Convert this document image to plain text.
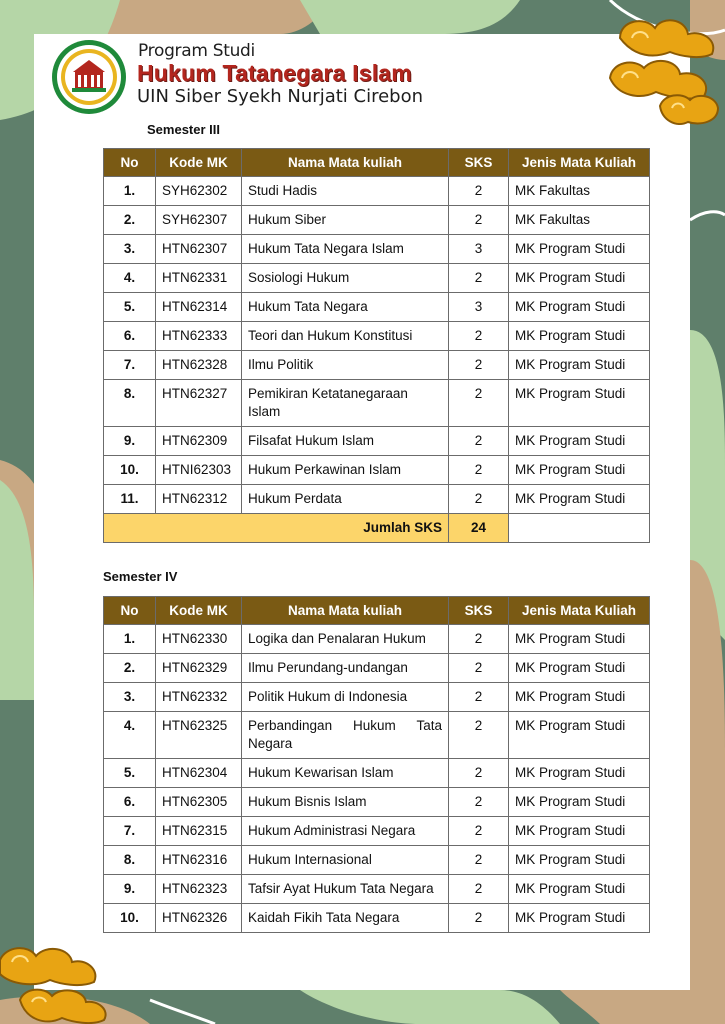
Program Studi
Hukum Tatanegara Islam
UIN Siber Syekh Nurjati Cirebon
Semester III
No	Kode MK	Nama Mata kuliah	SKS	Jenis Mata Kuliah
1.	SYH62302	Studi Hadis	2	MK Fakultas
2.	SYH62307	Hukum Siber	2	MK Fakultas
3.	HTN62307	Hukum Tata Negara Islam	3	MK Program Studi
4.	HTN62331	Sosiologi Hukum	2	MK Program Studi
5.	HTN62314	Hukum Tata Negara	3	MK Program Studi
6.	HTN62333	Teori dan Hukum Konstitusi	2	MK Program Studi
7.	HTN62328	Ilmu Politik	2	MK Program Studi
8.	HTN62327	Pemikiran Ketatanegaraan Islam	2	MK Program Studi
9.	HTN62309	Filsafat Hukum Islam	2	MK Program Studi
10.	HTNI62303	Hukum Perkawinan Islam	2	MK Program Studi
11.	HTN62312	Hukum Perdata	2	MK Program Studi
Jumlah SKS			24	
Semester IV
No	Kode MK	Nama Mata kuliah	SKS	Jenis Mata Kuliah
1.	HTN62330	Logika dan Penalaran Hukum	2	MK Program Studi
2.	HTN62329	Ilmu Perundang-undangan	2	MK Program Studi
3.	HTN62332	Politik Hukum di Indonesia	2	MK Program Studi
4.	HTN62325	Perbandingan Hukum Tata Negara	2	MK Program Studi
5.	HTN62304	Hukum Kewarisan Islam	2	MK Program Studi
6.	HTN62305	Hukum Bisnis Islam	2	MK Program Studi
7.	HTN62315	Hukum Administrasi Negara	2	MK Program Studi
8.	HTN62316	Hukum Internasional	2	MK Program Studi
9.	HTN62323	Tafsir Ayat Hukum Tata Negara	2	MK Program Studi
10.	HTN62326	Kaidah Fikih Tata Negara	2	MK Program Studi
